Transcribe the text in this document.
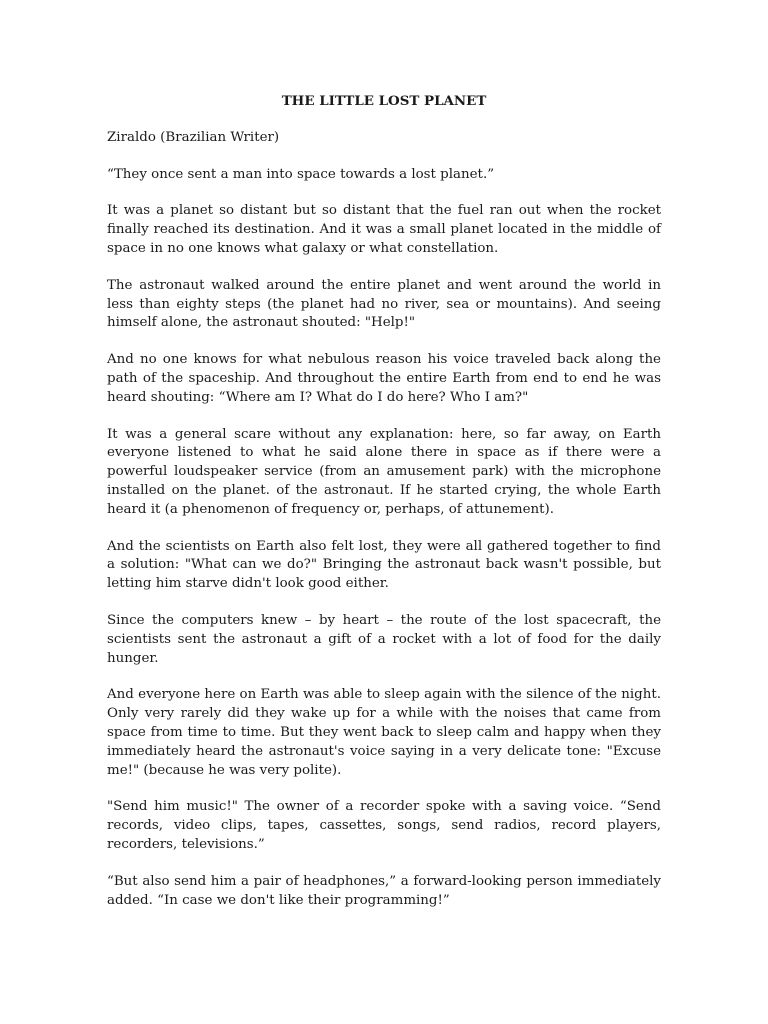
THE LITTLE LOST PLANET
Ziraldo (Brazilian Writer)

“They once sent a man into space towards a lost planet.”

It was a planet so distant but so distant that the fuel ran out when the rocket finally reached its destination. And it was a small planet located in the middle of space in no one knows what galaxy or what constellation.

The astronaut walked around the entire planet and went around the world in less than eighty steps (the planet had no river, sea or mountains). And seeing himself alone, the astronaut shouted: "Help!"

And no one knows for what nebulous reason his voice traveled back along the path of the spaceship. And throughout the entire Earth from end to end he was heard shouting: “Where am I? What do I do here? Who I am?"

It was a general scare without any explanation: here, so far away, on Earth everyone listened to what he said alone there in space as if there were a powerful loudspeaker service (from an amusement park) with the microphone installed on the planet. of the astronaut. If he started crying, the whole Earth heard it (a phenomenon of frequency or, perhaps, of attunement).

And the scientists on Earth also felt lost, they were all gathered together to find a solution: "What can we do?" Bringing the astronaut back wasn't possible, but letting him starve didn't look good either.

Since the computers knew – by heart – the route of the lost spacecraft, the scientists sent the astronaut a gift of a rocket with a lot of food for the daily hunger.

And everyone here on Earth was able to sleep again with the silence of the night. Only very rarely did they wake up for a while with the noises that came from space from time to time. But they went back to sleep calm and happy when they immediately heard the astronaut's voice saying in a very delicate tone: "Excuse me!" (because he was very polite).

"Send him music!" The owner of a recorder spoke with a saving voice. “Send records, video clips, tapes, cassettes, songs, send radios, record players, recorders, televisions.”

“But also send him a pair of headphones,” a forward-looking person immediately added. “In case we don't like their programming!”
